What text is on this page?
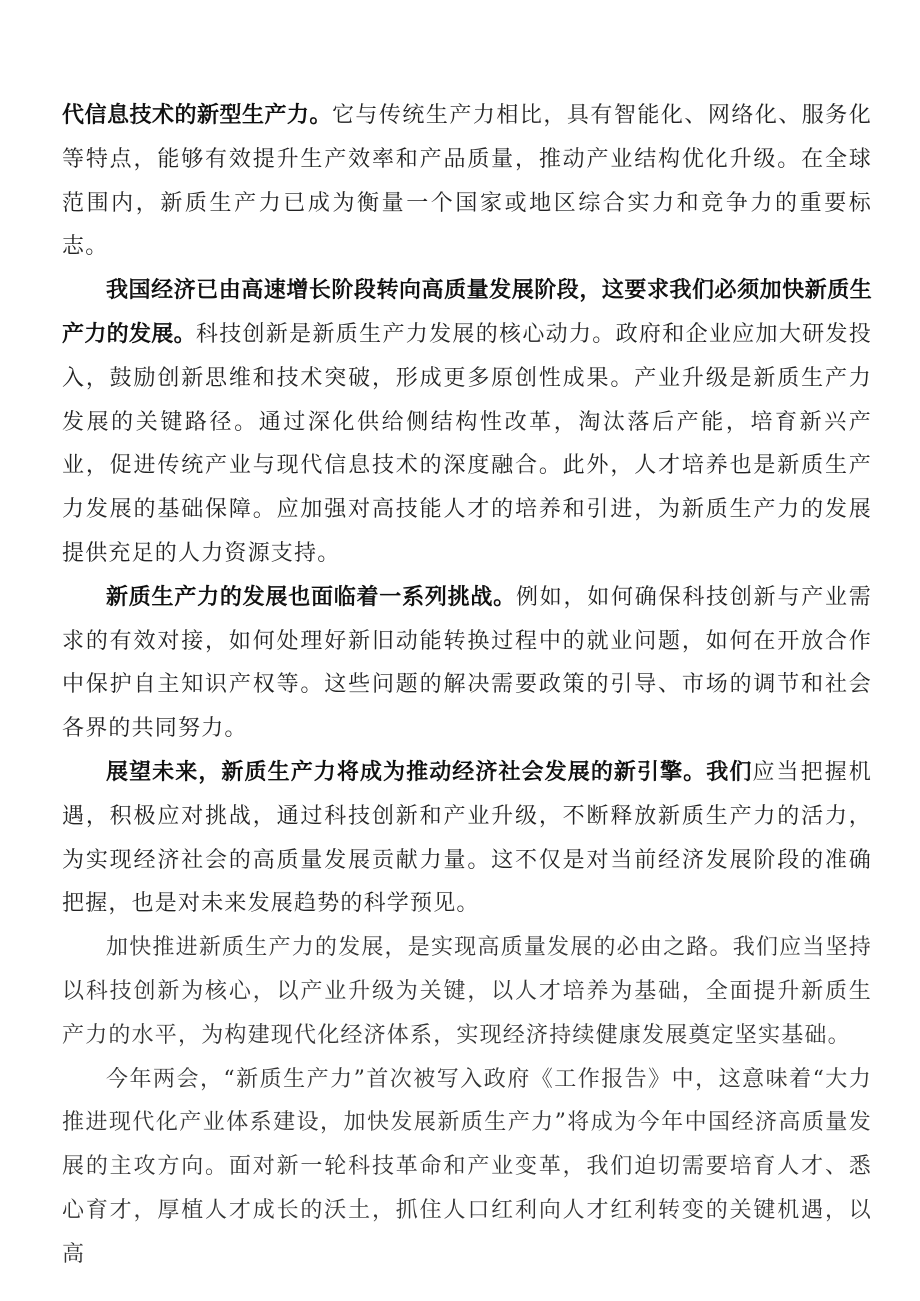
代信息技术的新型生产力。它与传统生产力相比，具有智能化、网络化、服务化等特点，能够有效提升生产效率和产品质量，推动产业结构优化升级。在全球范围内，新质生产力已成为衡量一个国家或地区综合实力和竞争力的重要标志。

我国经济已由高速增长阶段转向高质量发展阶段，这要求我们必须加快新质生产力的发展。科技创新是新质生产力发展的核心动力。政府和企业应加大研发投入，鼓励创新思维和技术突破，形成更多原创性成果。产业升级是新质生产力发展的关键路径。通过深化供给侧结构性改革，淘汰落后产能，培育新兴产业，促进传统产业与现代信息技术的深度融合。此外，人才培养也是新质生产力发展的基础保障。应加强对高技能人才的培养和引进，为新质生产力的发展提供充足的人力资源支持。

新质生产力的发展也面临着一系列挑战。例如，如何确保科技创新与产业需求的有效对接，如何处理好新旧动能转换过程中的就业问题，如何在开放合作中保护自主知识产权等。这些问题的解决需要政策的引导、市场的调节和社会各界的共同努力。

展望未来，新质生产力将成为推动经济社会发展的新引擎。我们应当把握机遇，积极应对挑战，通过科技创新和产业升级，不断释放新质生产力的活力，为实现经济社会的高质量发展贡献力量。这不仅是对当前经济发展阶段的准确把握，也是对未来发展趋势的科学预见。

加快推进新质生产力的发展，是实现高质量发展的必由之路。我们应当坚持以科技创新为核心，以产业升级为关键，以人才培养为基础，全面提升新质生产力的水平，为构建现代化经济体系，实现经济持续健康发展奠定坚实基础。

今年两会，“新质生产力”首次被写入政府《工作报告》中，这意味着“大力推进现代化产业体系建设，加快发展新质生产力”将成为今年中国经济高质量发展的主攻方向。面对新一轮科技革命和产业变革，我们迫切需要培育人才、悉心育才，厚植人才成长的沃土，抓住人口红利向人才红利转变的关键机遇，以高
